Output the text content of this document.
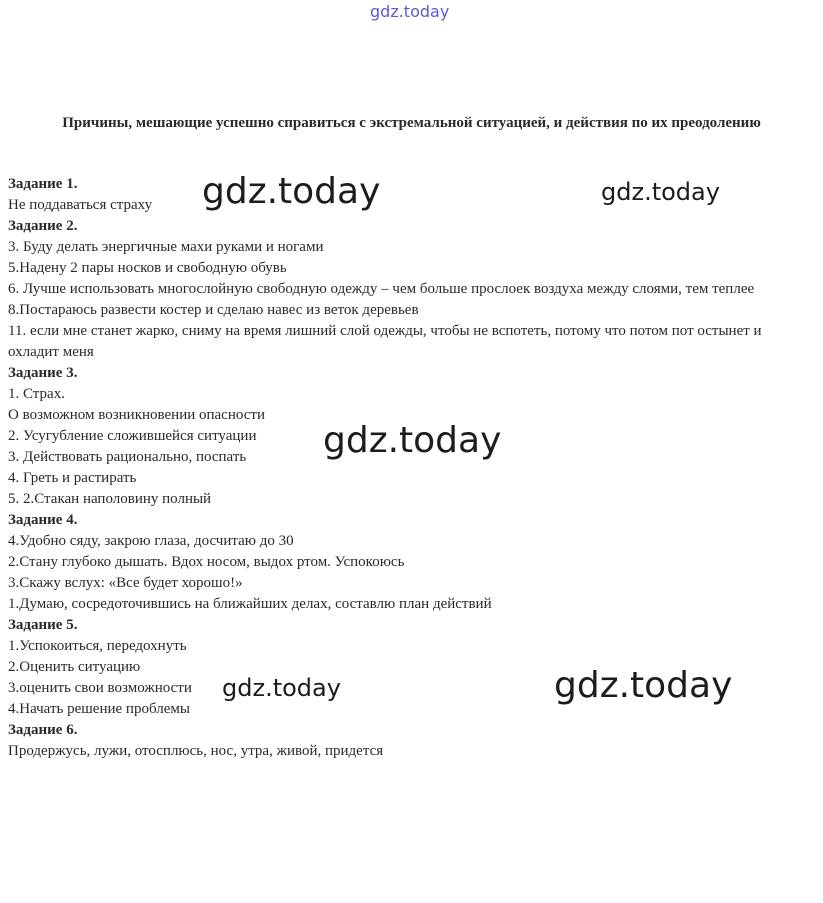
gdz.today
Причины, мешающие успешно справиться с экстремальной ситуацией, и действия по их преодолению

Задание 1.

Не поддаваться страху

Задание 2.

3. Буду делать энергичные махи руками и ногами

5.Надену 2 пары носков и свободную обувь

6. Лучше использовать многослойную свободную одежду – чем больше прослоек воздуха между слоями, тем теплее

8.Постараюсь развести костер и сделаю навес из веток деревьев

11. если мне станет жарко, сниму на время лишний слой одежды, чтобы не вспотеть, потому что потом пот остынет и охладит меня

Задание 3.

1. Страх.

О возможном возникновении опасности

2. Усугубление сложившейся ситуации

3. Действовать рационально, поспать

4. Греть и растирать

5. 2.Стакан наполовину полный

Задание 4.

4.Удобно сяду, закрою глаза, досчитаю до 30

2.Стану глубоко дышать. Вдох носом, выдох ртом. Успокоюсь

3.Скажу вслух: «Все будет хорошо!»

1.Думаю, сосредоточившись на ближайших делах, составлю план действий

Задание 5.

1.Успокоиться, передохнуть

2.Оценить ситуацию

3.оценить свои возможности

4.Начать решение проблемы

Задание 6.

Продержусь, лужи, отосплюсь, нос, утра, живой, придется

gdz.today	gdz.today
gdz.today
gdz.today	gdz.today
